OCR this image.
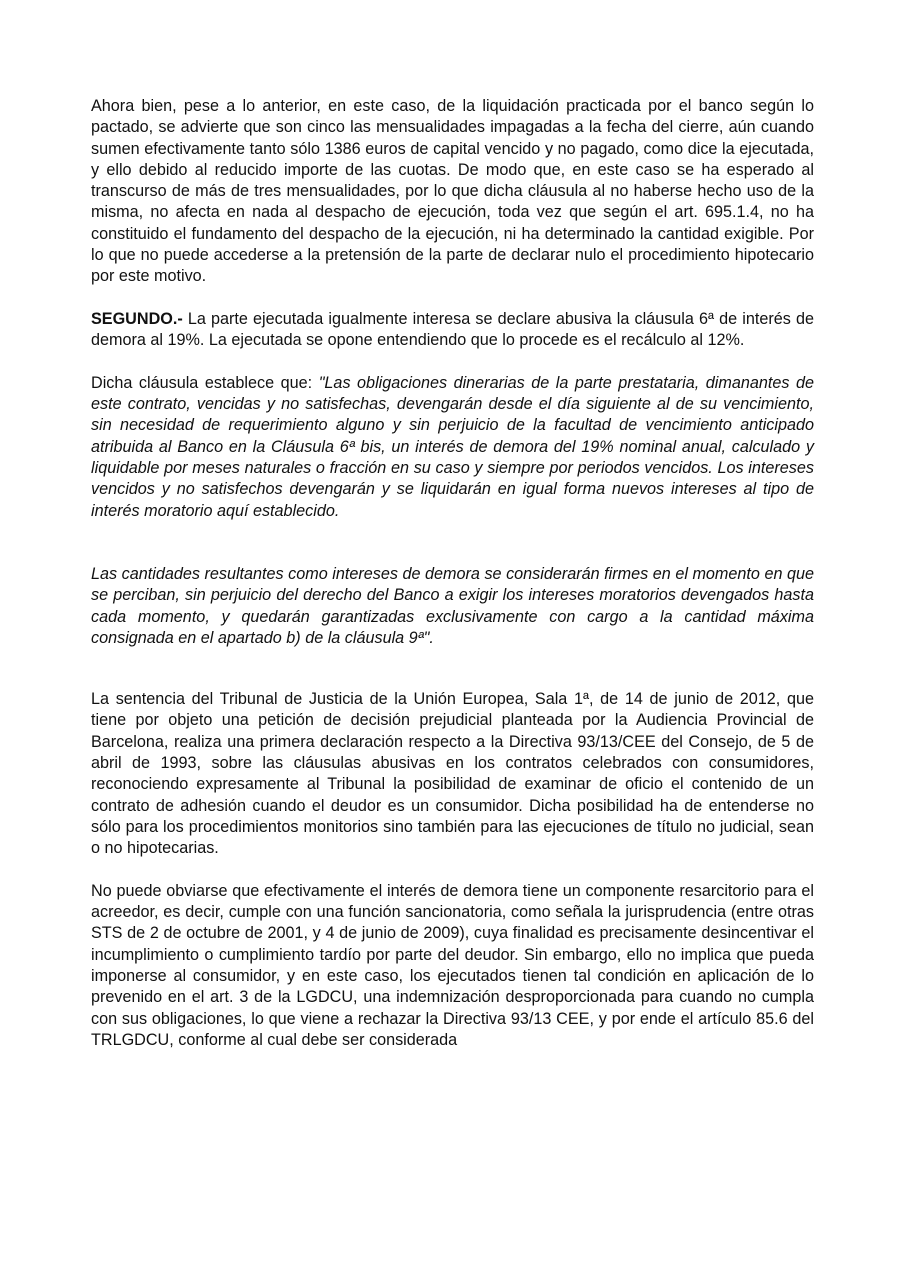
Ahora bien, pese a lo anterior, en este caso, de la liquidación practicada por el banco según lo pactado, se advierte que son cinco las mensualidades impagadas a la fecha del cierre, aún cuando sumen efectivamente tanto sólo 1386 euros de capital vencido y no pagado, como dice la ejecutada, y ello debido al reducido importe de las cuotas. De modo que, en este caso se ha esperado al transcurso de más de tres mensualidades, por lo que dicha cláusula al no haberse hecho uso de la misma, no afecta en nada al despacho de ejecución, toda vez que según el art. 695.1.4, no ha constituido el fundamento del despacho de la ejecución, ni ha determinado la cantidad exigible. Por lo que no puede accederse a la pretensión de la parte de declarar nulo el procedimiento hipotecario por este motivo.

SEGUNDO.- La parte ejecutada igualmente interesa se declare abusiva la cláusula 6ª de interés de demora al 19%. La ejecutada se opone entendiendo que lo procede es el recálculo al 12%.

Dicha cláusula establece que: "Las obligaciones dinerarias de la parte prestataria, dimanantes de este contrato, vencidas y no satisfechas, devengarán desde el día siguiente al de su vencimiento, sin necesidad de requerimiento alguno y sin perjuicio de la facultad de vencimiento anticipado atribuida al Banco en la Cláusula 6ª bis, un interés de demora del 19% nominal anual, calculado y liquidable por meses naturales o fracción en su caso y siempre por periodos vencidos. Los intereses vencidos y no satisfechos devengarán y se liquidarán en igual forma nuevos intereses al tipo de interés moratorio aquí establecido.

Las cantidades resultantes como intereses de demora se considerarán firmes en el momento en que se perciban, sin perjuicio del derecho del Banco a exigir los intereses moratorios devengados hasta cada momento, y quedarán garantizadas exclusivamente con cargo a la cantidad máxima consignada en el apartado b) de la cláusula 9ª".

La sentencia del Tribunal de Justicia de la Unión Europea, Sala 1ª, de 14 de junio de 2012, que tiene por objeto una petición de decisión prejudicial planteada por la Audiencia Provincial de Barcelona, realiza una primera declaración respecto a la Directiva 93/13/CEE del Consejo, de 5 de abril de 1993, sobre las cláusulas abusivas en los contratos celebrados con consumidores, reconociendo expresamente al Tribunal la posibilidad de examinar de oficio el contenido de un contrato de adhesión cuando el deudor es un consumidor. Dicha posibilidad ha de entenderse no sólo para los procedimientos monitorios sino también para las ejecuciones de título no judicial, sean o no hipotecarias.

No puede obviarse que efectivamente el interés de demora tiene un componente resarcitorio para el acreedor, es decir, cumple con una función sancionatoria, como señala la jurisprudencia (entre otras STS de 2 de octubre de 2001, y 4 de junio de 2009), cuya finalidad es precisamente desincentivar el incumplimiento o cumplimiento tardío por parte del deudor. Sin embargo, ello no implica que pueda imponerse al consumidor, y en este caso, los ejecutados tienen tal condición en aplicación de lo prevenido en el art. 3 de la LGDCU, una indemnización desproporcionada para cuando no cumpla con sus obligaciones, lo que viene a rechazar la Directiva 93/13 CEE, y por ende el artículo 85.6 del TRLGDCU, conforme al cual debe ser considerada
